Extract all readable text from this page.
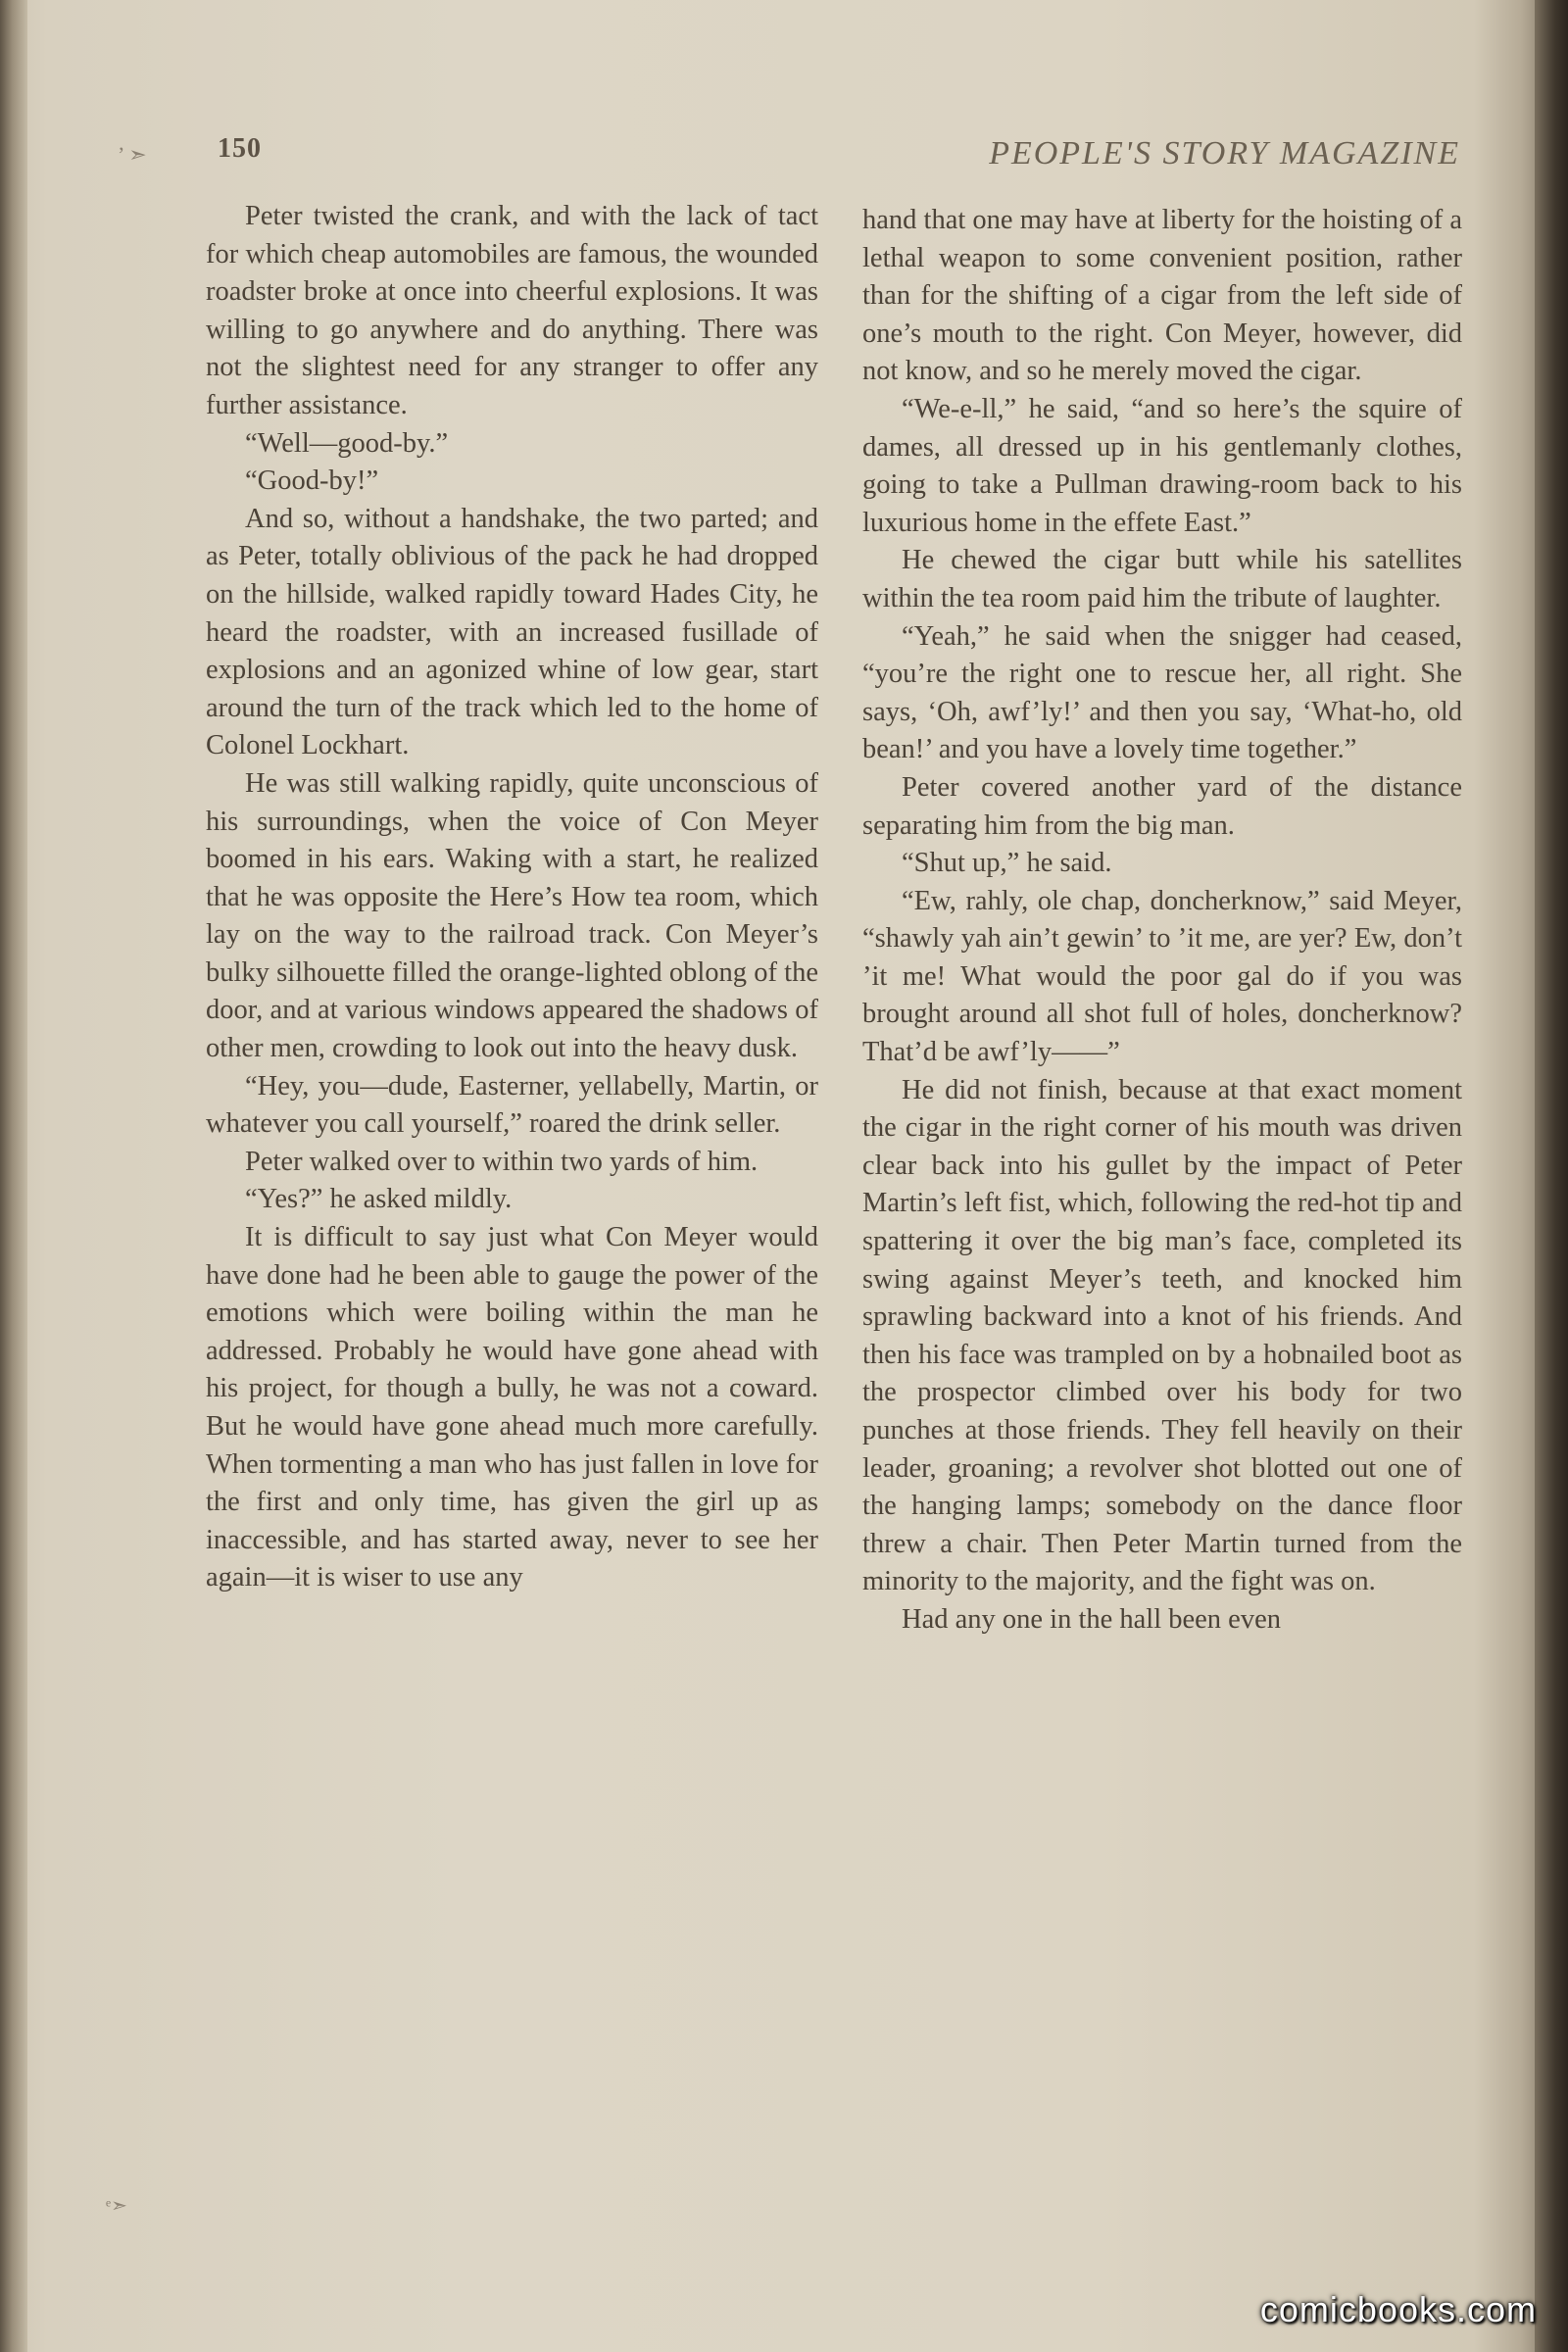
’ ➣	150	PEOPLE'S STORY MAGAZINE

Peter twisted the crank, and with the lack of tact for which cheap automobiles are famous, the wounded roadster broke at once into cheerful explosions. It was willing to go anywhere and do anything. There was not the slightest need for any stranger to offer any further assistance.

“Well—good-by.”

“Good-by!”

And so, without a handshake, the two parted; and as Peter, totally oblivious of the pack he had dropped on the hillside, walked rapidly toward Hades City, he heard the roadster, with an increased fusillade of explosions and an agonized whine of low gear, start around the turn of the track which led to the home of Colonel Lockhart.

He was still walking rapidly, quite unconscious of his surroundings, when the voice of Con Meyer boomed in his ears. Waking with a start, he realized that he was opposite the Here’s How tea room, which lay on the way to the railroad track. Con Meyer’s bulky silhouette filled the orange-lighted oblong of the door, and at various windows appeared the shadows of other men, crowding to look out into the heavy dusk.

“Hey, you—dude, Easterner, yellabelly, Martin, or whatever you call yourself,” roared the drink seller.

Peter walked over to within two yards of him.

“Yes?” he asked mildly.

It is difficult to say just what Con Meyer would have done had he been able to gauge the power of the emotions which were boiling within the man he addressed. Probably he would have gone ahead with his project, for though a bully, he was not a coward. But he would have gone ahead much more carefully. When tormenting a man who has just fallen in love for the first and only time, has given the girl up as inaccessible, and has started away, never to see her again—it is wiser to use any

hand that one may have at liberty for the hoisting of a lethal weapon to some convenient position, rather than for the shifting of a cigar from the left side of one’s mouth to the right. Con Meyer, however, did not know, and so he merely moved the cigar.

“We-e-ll,” he said, “and so here’s the squire of dames, all dressed up in his gentlemanly clothes, going to take a Pullman drawing-room back to his luxurious home in the effete East.”

He chewed the cigar butt while his satellites within the tea room paid him the tribute of laughter.

“Yeah,” he said when the snigger had ceased, “you’re the right one to rescue her, all right. She says, ‘Oh, awf’ly!’ and then you say, ‘What-ho, old bean!’ and you have a lovely time together.”

Peter covered another yard of the distance separating him from the big man.

“Shut up,” he said.

“Ew, rahly, ole chap, doncherknow,” said Meyer, “shawly yah ain’t gewin’ to ’it me, are yer? Ew, don’t ’it me! What would the poor gal do if you was brought around all shot full of holes, doncherknow? That’d be awf’ly——”

He did not finish, because at that exact moment the cigar in the right corner of his mouth was driven clear back into his gullet by the impact of Peter Martin’s left fist, which, following the red-hot tip and spattering it over the big man’s face, completed its swing against Meyer’s teeth, and knocked him sprawling backward into a knot of his friends. And then his face was trampled on by a hobnailed boot as the prospector climbed over his body for two punches at those friends. They fell heavily on their leader, groaning; a revolver shot blotted out one of the hanging lamps; somebody on the dance floor threw a chair. Then Peter Martin turned from the minority to the majority, and the fight was on.

Had any one in the hall been even

ᵉ➣
comicbooks.com
